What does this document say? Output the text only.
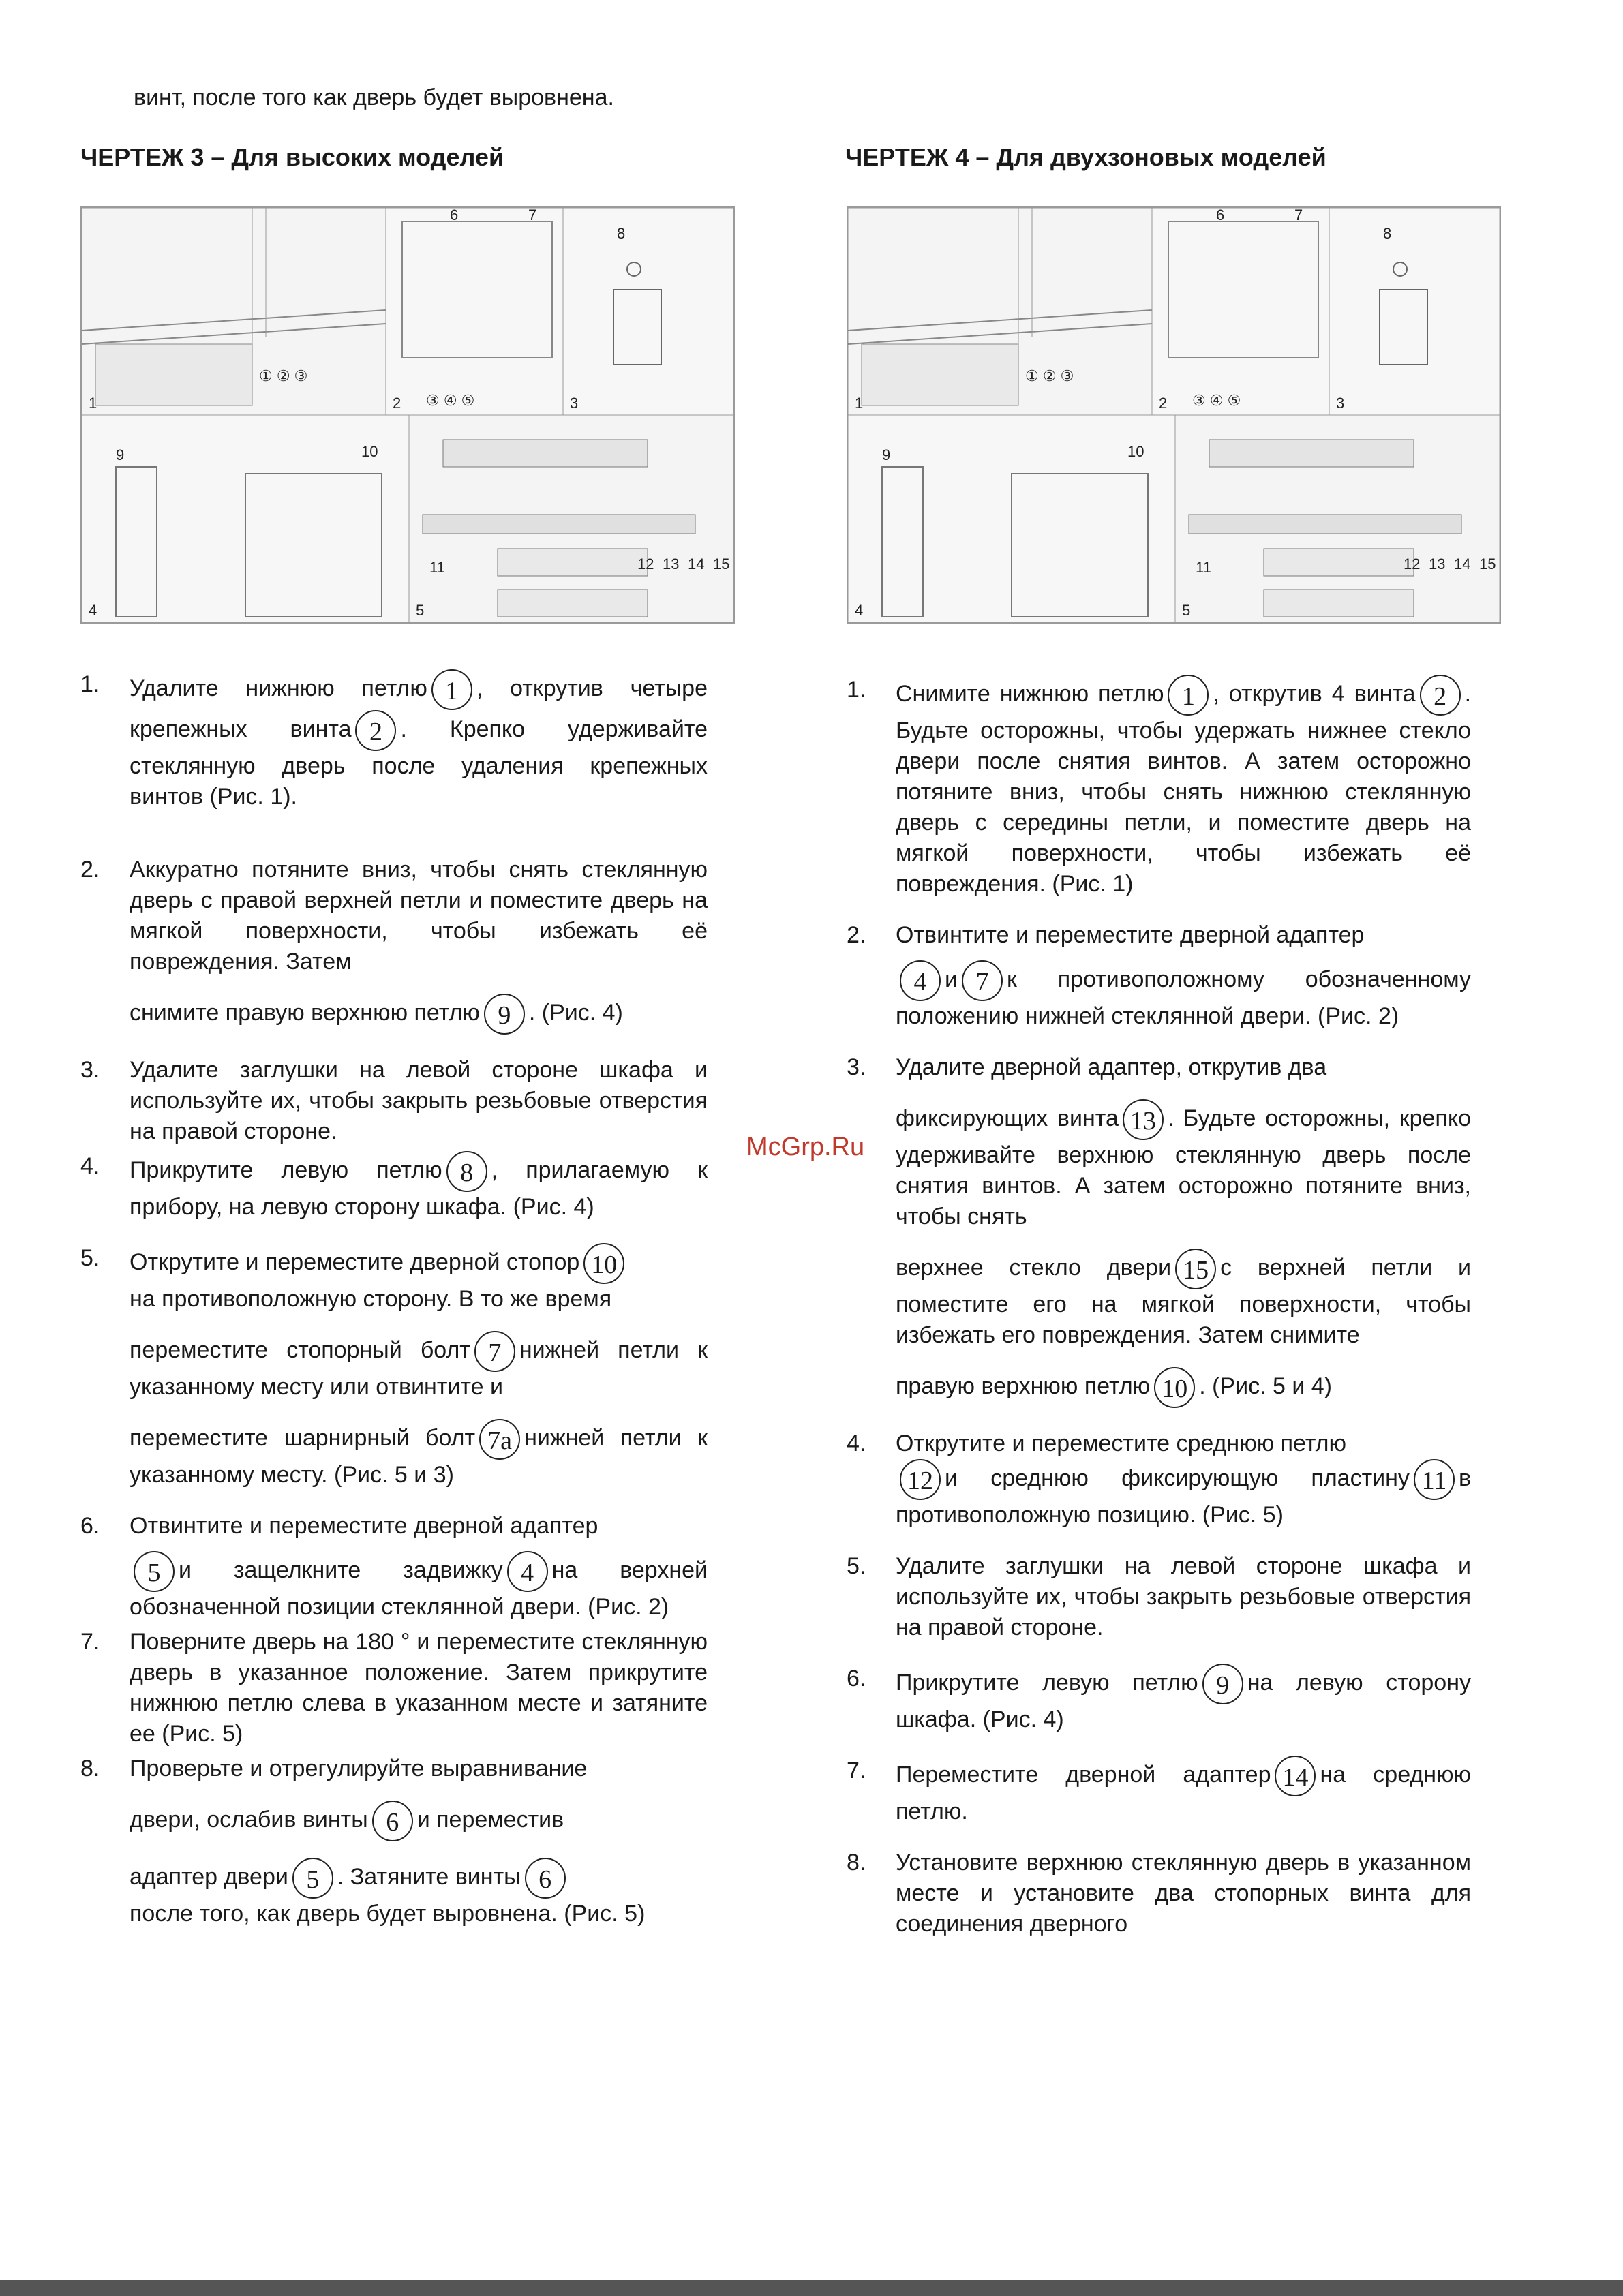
винт, после того как дверь будет выровнена.
ЧЕРТЕЖ 3 – Для высоких моделей
1
① ② ③
6	7
③ ④ ⑤
2
8
3
9	10
4
11	12 13 14 15
5
1. Удалите нижнюю петлю 1 , открутив четыре крепежных винта 2 . Крепко удерживайте стеклянную дверь после удаления крепежных винтов (Рис. 1).
2. Аккуратно потяните вниз, чтобы снять стеклянную дверь с правой верхней петли и поместите дверь на мягкой поверхности, чтобы избежать её повреждения. Затем
снимите правую верхнюю петлю 9 . (Рис. 4)
3. Удалите заглушки на левой стороне шкафа и используйте их, чтобы закрыть резьбовые отверстия на правой стороне.
4. Прикрутите левую петлю 8 , прилагаемую к прибору, на левую сторону шкафа. (Рис. 4)
5. Открутите и переместите дверной стопор 10
на противоположную сторону. В то же время
переместите стопорный болт 7 нижней петли к указанному месту или отвинтите и
переместите шарнирный болт 7a нижней петли к указанному месту. (Рис. 5 и 3)
6. Отвинтите и переместите дверной адаптер
5 и защелкните задвижку 4 на верхней обозначенной позиции стеклянной двери. (Рис. 2)
7. Поверните дверь на 180 ° и переместите стеклянную дверь в указанное положение. Затем прикрутите нижнюю петлю слева в указанном месте и затяните ее (Рис. 5)
8. Проверьте и отрегулируйте выравнивание
двери, ослабив винты 6 и переместив
адаптер двери 5 . Затяните винты 6
после того, как дверь будет выровнена. (Рис. 5)
ЧЕРТЕЖ 4 – Для двухзоновых моделей
1
① ② ③
6	7
③ ④ ⑤
2
8
3
9	10
4
11	12 13 14 15
5
1. Снимите нижнюю петлю 1 , открутив 4 винта 2 . Будьте осторожны, чтобы удержать нижнее стекло двери после снятия винтов. А затем осторожно потяните вниз, чтобы снять нижнюю стеклянную дверь с середины петли, и поместите дверь на мягкой поверхности, чтобы избежать её повреждения. (Рис. 1)
2. Отвинтите и переместите дверной адаптер
4 и 7 к противоположному обозначенному положению нижней стеклянной двери. (Рис. 2)
3. Удалите дверной адаптер, открутив два
фиксирующих винта 13 . Будьте осторожны, крепко удерживайте верхнюю стеклянную дверь после снятия винтов. А затем осторожно потяните вниз, чтобы снять
верхнее стекло двери 15 с верхней петли и поместите его на мягкой поверхности, чтобы избежать его повреждения. Затем снимите
правую верхнюю петлю 10 . (Рис. 5 и 4)
4. Открутите и переместите среднюю петлю
12 и среднюю фиксирующую пластину 11 в противоположную позицию. (Рис. 5)
5. Удалите заглушки на левой стороне шкафа и используйте их, чтобы закрыть резьбовые отверстия на правой стороне.
6. Прикрутите левую петлю 9 на левую сторону шкафа. (Рис. 4)
7. Переместите дверной адаптер 14 на среднюю петлю.
8. Установите верхнюю стеклянную дверь в указанном месте и установите два стопорных винта для соединения дверного
McGrp.Ru
